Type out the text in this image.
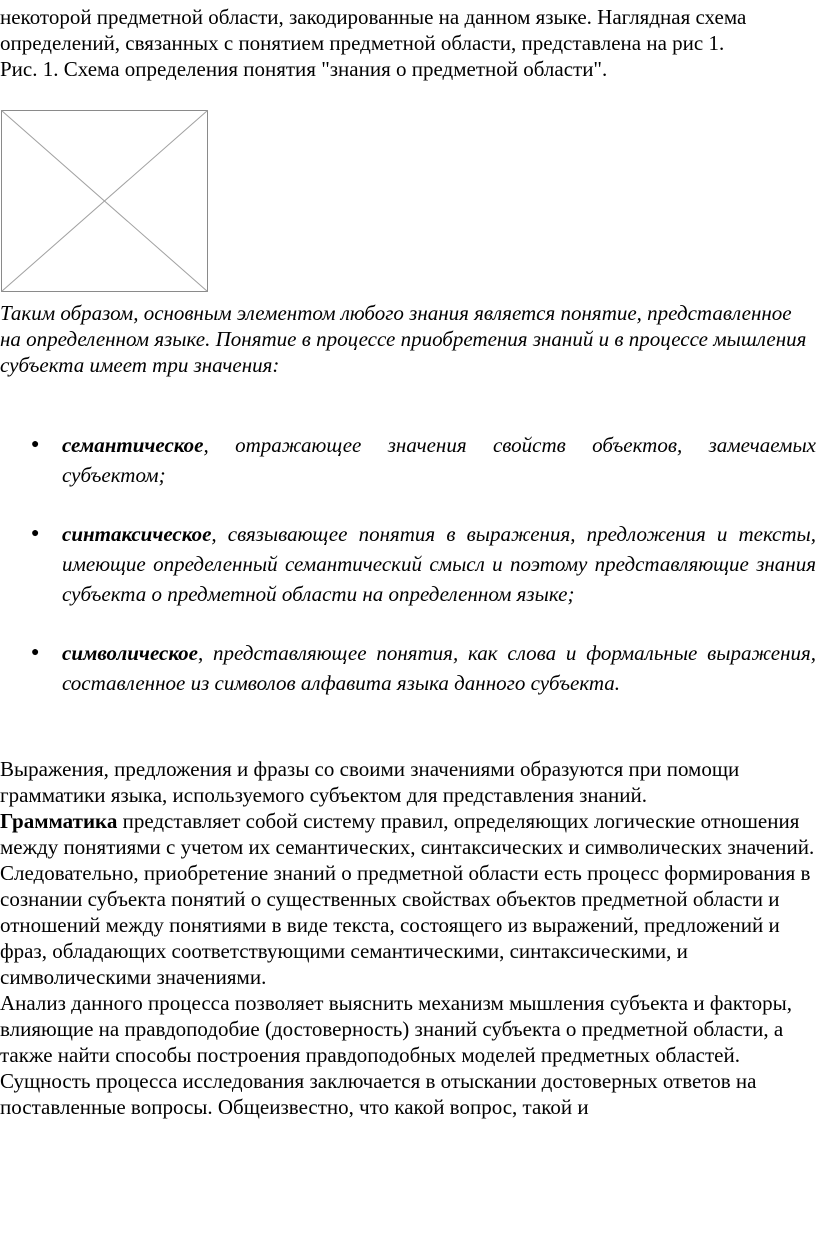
некоторой предметной области, закодированные на данном языке. Наглядная схема определений, связанных с понятием предметной области, представлена на рис 1.

Рис. 1. Схема определения понятия "знания о предметной области".

Таким образом, основным элементом любого знания является понятие, представленное на определенном языке. Понятие в процессе приобретения знаний и в процессе мышления субъекта имеет три значения:

● семантическое, отражающее значения свойств объектов, замечаемых субъектом;
● синтаксическое, связывающее понятия в выражения, предложения и тексты, имеющие определенный семантический смысл и поэтому представляющие знания субъекта о предметной области на определенном языке;
● символическое, представляющее понятия, как слова и формальные выражения, составленное из символов алфавита языка данного субъекта.

Выражения, предложения и фразы со своими значениями образуются при помощи грамматики языка, используемого субъектом для представления знаний.

Грамматика представляет собой систему правил, определяющих логические отношения между понятиями с учетом их семантических, синтаксических и символических значений.

Следовательно, приобретение знаний о предметной области есть процесс формирования в сознании субъекта понятий о существенных свойствах объектов предметной области и отношений между понятиями в виде текста, состоящего из выражений, предложений и фраз, обладающих соответствующими семантическими, синтаксическими, и символическими значениями.

Анализ данного процесса позволяет выяснить механизм мышления субъекта и факторы, влияющие на правдоподобие (достоверность) знаний субъекта о предметной области, а также найти способы построения правдоподобных моделей предметных областей.

Сущность процесса исследования заключается в отыскании достоверных ответов на поставленные вопросы. Общеизвестно, что какой вопрос, такой и
